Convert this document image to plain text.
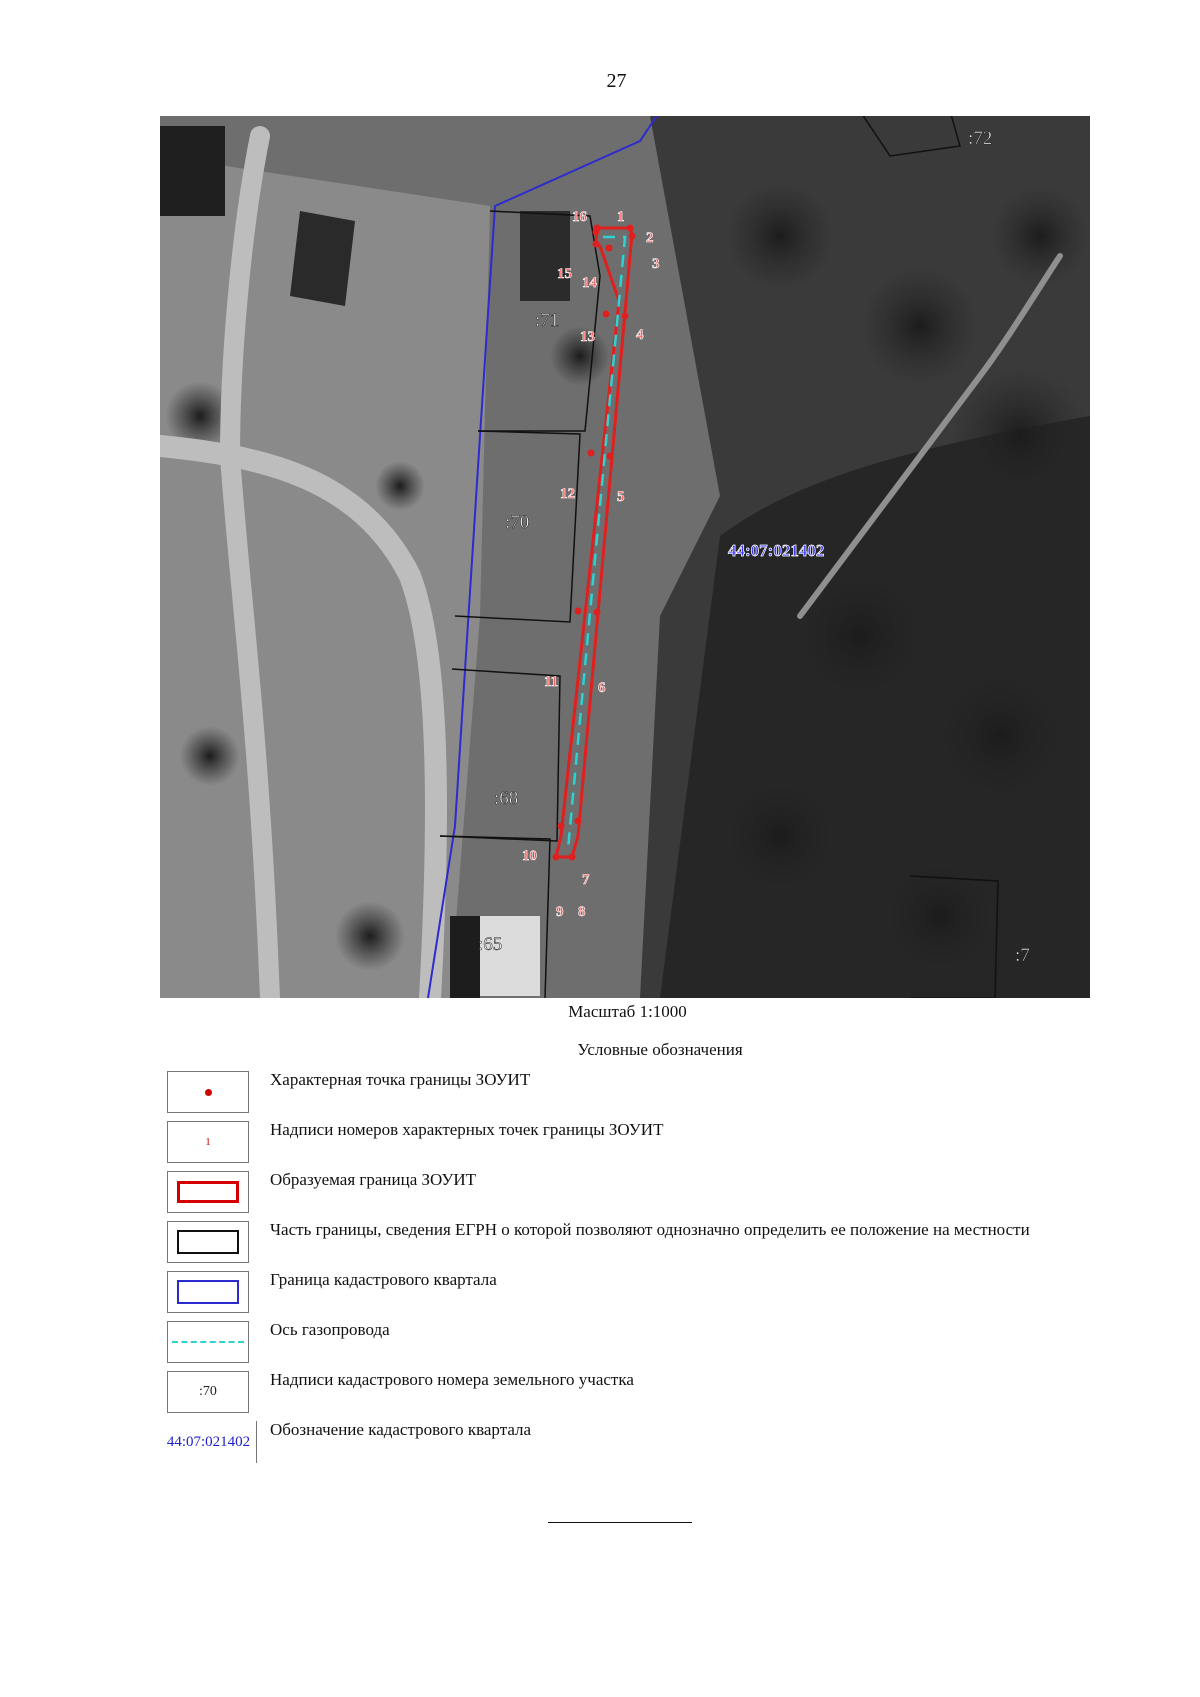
27
1
2
3
4
5
6
7
8
9
10
11
12
13
14
15
16
:72
:71
:70
:68
:65
:7
44:07:021402
Масштаб 1:1000
Условные обозначения
Характерная точка границы ЗОУИТ
1
Надписи номеров характерных точек границы ЗОУИТ
Образуемая граница ЗОУИТ
Часть границы, сведения ЕГРН о которой позволяют однозначно определить ее положение на местности
Граница кадастрового квартала
Ось газопровода
:70
Надписи кадастрового номера земельного участка
44:07:021402
Обозначение кадастрового квартала
